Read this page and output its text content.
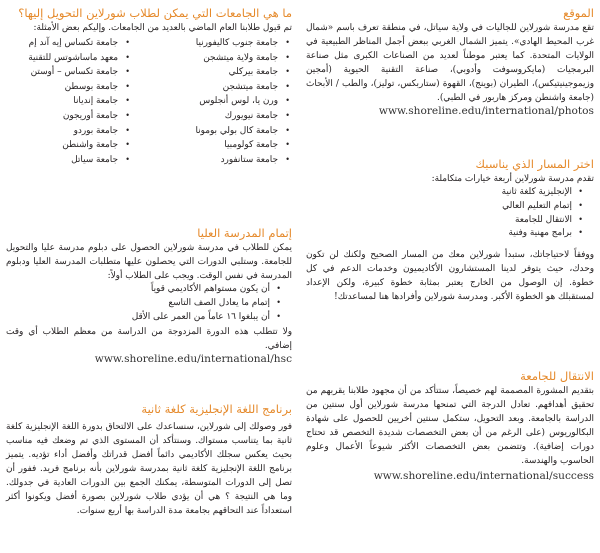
الموقع

تقع مدرسة شورلاين للجاليات في ولاية سياتل، في منطقة تعرف باسم «شمال غرب المحيط الهادي». يتميز الشمال الغربي ببعض أجمل المناظر الطبيعية في الولايات المتحدة. كما يعتبر موطناً لعديد من الصناعات الكبرى مثل صناعة البرمجيات (مايكروسوفت وأدوبي)، صناعة التقنية الحيوية (أمجين وزيموجينيتيكس)، الطيران (بوينج)، القهوة (ستاربكس، توليز)، والطب / الأبحاث (جامعة واشنطن ومركز هاربور في الطبي).

www.shoreline.edu/international/photos
اختر المسار الذي يناسبك

تقدم مدرسة شورلاين أربعة خيارات متكاملة:

• الإنجليزية كلغة ثانية
• إتمام التعليم العالي
• الانتقال للجامعة
• برامج مهنية وفنية

ووفقاً لاحتياجاتك، ستبدأ شورلاين معك من المسار الصحيح ولكنك لن تكون وحدك، حيث يتوفر لدينا المستشارون الأكاديميون وخدمات الدعم في كل خطوة. إن الوصول من الخارج يعتبر بمثابة خطوة كبيرة، ولكن الإعداد لمستقبلك هو الخطوة الأكبر. ومدرسة شورلاين وأفرادها هنا لمساعدتك!

الانتقال للجامعة

بتقديم المشورة المصممة لهم خصيصاً، ستتأكد من أن مجهود طلابنا يقربهم من تحقيق أهدافهم. تعادل الدرجة التي تمنحها مدرسة شورلاين أول سنتين من الدراسة بالجامعة. وبعد التحويل، ستكمل سنتين أخريين للحصول على شهادة البكالوريوس (على الرغم من أن بعض التخصصات شديدة التخصص قد تحتاج دورات إضافية). وتتضمن بعض التخصصات الأكثر شيوعاً الأعمال وعلوم الحاسوب والهندسة.

www.shoreline.edu/international/success
ما هي الجامعات التي يمكن لطلاب شورلاين التحويل إليها؟

تم قبول طلابنا العام الماضي بالعديد من الجامعات. وإليكم بعض الأمثلة:

• جامعة جنوب كاليفورنيا
• جامعة ولاية ميتشجن
• جامعة بيركلي
• جامعة ميتشجن
• ورن يا، لوس أنجلوس
• جامعة نيويورك
• جامعة كال بولي بومونا
• جامعة كولومبيا
• جامعة ستانفورد
• جامعة تكساس إيه آند إم
• معهد ماساشوتس للتقنية
• جامعة تكساس – أوستن
• جامعة بوسطن
• جامعة إنديانا
• جامعة أوريجون
• جامعة بوردو
• جامعة واشنطن
• جامعة سياتل
إتمام المدرسة العليا

يمكن للطلاب في مدرسة شورلاين الحصول على دبلوم مدرسة عليا والتحويل للجامعة. وستلبي الدورات التي يحصلون عليها متطلبات المدرسة العليا ودبلوم المدرسة في نفس الوقت. ويجب على الطلاب أولاً:

• أن يكون مستواهم الأكاديمي قوياً
• إتمام ما يعادل الصف التاسع
• أن يبلغوا ١٦ عاماً من العمر على الأقل

ولا تتطلب هذه الدورة المزدوجة من الدراسة من معظم الطلاب أي وقت إضافي.

www.shoreline.edu/international/hsc
برنامج اللغة الإنجليزية كلغة ثانية

فور وصولك إلى شورلاين، سنساعدك على الالتحاق بدورة اللغة الإنجليزية كلغة ثانية بما يتناسب مستواك. وسنتأكد أن المستوى الذي تم وضعك فيه مناسب بحيث يعكس سجلك الأكاديمي دائماً أفضل قدراتك وأفضل أداء تؤديه. يتميز برنامج اللغة الإنجليزية كلغة ثانية بمدرسة شورلاين بأنه برنامج فريد. ففور أن تصل إلى الدورات المتوسطة، يمكنك الجمع بين الدورات العادية في جدولك. وما هي النتيجة ؟ هي أن يؤدي طلاب شورلاين بصورة أفضل ويكونوا أكثر استعداداً عند التحاقهم بجامعة مدة الدراسة بها أربع سنوات.
